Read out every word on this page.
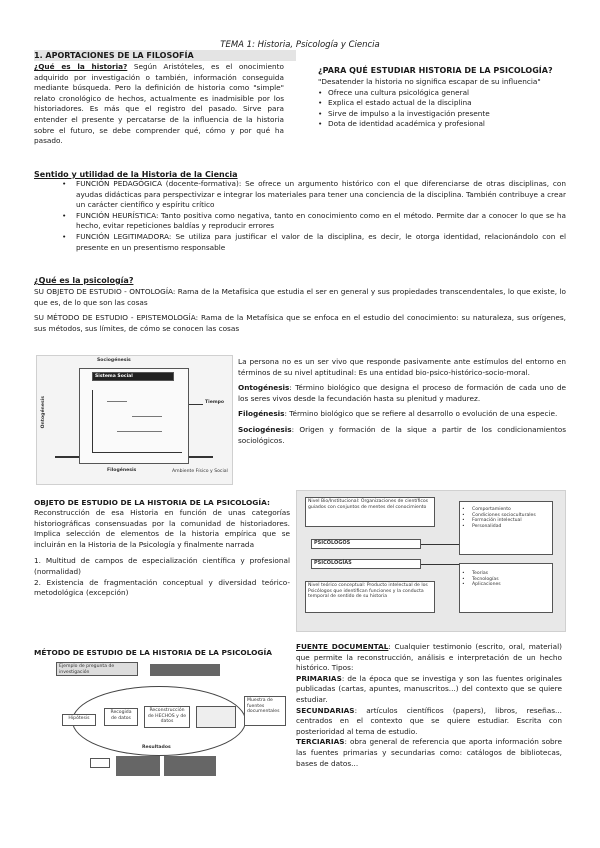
TEMA 1: Historia, Psicología y Ciencia
1. APORTACIONES DE LA FILOSOFÍA
¿Qué es la historia? Según Aristóteles, es el onocimiento adquirido por investigación o también, información conseguida mediante búsqueda. Pero la definición de historia como "simple" relato cronológico de hechos, actualmente es inadmisible por los historiadores. Es más que el registro del pasado. Sirve para entender el presente y percatarse de la influencia de la historia sobre el futuro, se debe comprender qué, cómo y por qué ha pasado.
¿PARA QUÉ ESTUDIAR HISTORIA DE LA PSICOLOGÍA?
"Desatender la historia no significa escapar de su influencia"
• Ofrece una cultura psicológica general
• Explica el estado actual de la disciplina
• Sirve de impulso a la investigación presente
• Dota de identidad académica y profesional
Sentido y utilidad de la Historia de la Ciencia
• FUNCIÓN PEDAGÓGICA (docente-formativa): Se ofrece un argumento histórico con el que diferenciarse de otras disciplinas, con ayudas didácticas para perspectivizar e integrar los materiales para tener una conciencia de la disciplina. También contribuye a crear un carácter científico y espíritu crítico
• FUNCIÓN HEURÍSTICA: Tanto positiva como negativa, tanto en conocimiento como en el método. Permite dar a conocer lo que se ha hecho, evitar repeticiones baldías y reproducir errores
• FUNCIÓN LEGITIMADORA: Se utiliza para justificar el valor de la disciplina, es decir, le otorga identidad, relacionándolo con el presente en un presentismo responsable
¿Qué es la psicología?
SU OBJETO DE ESTUDIO - ONTOLOGÍA: Rama de la Metafísica que estudia el ser en general y sus propiedades transcendentales, lo que existe, lo que es, de lo que son las cosas
SU MÉTODO DE ESTUDIO - EPISTEMOLOGÍA: Rama de la Metafísica que se enfoca en el estudio del conocimiento: su naturaleza, sus orígenes, sus métodos, sus límites, de cómo se conocen las cosas
Sociogénesis
Sistema Social
Ontogénesis	Tiempo
Filogénesis	Ambiente Físico y Social
La persona no es un ser vivo que responde pasivamente ante estímulos del entorno en términos de su nivel aptitudinal: Es una entidad bio-psico-histórico-socio-moral.
Ontogénesis: Término biológico que designa el proceso de formación de cada uno de los seres vivos desde la fecundación hasta su plenitud y madurez.
Filogénesis: Término biológico que se refiere al desarrollo o evolución de una especie.
Sociogénesis: Origen y formación de la sique a partir de los condicionamientos sociológicos.
OBJETO DE ESTUDIO DE LA HISTORIA DE LA PSICOLOGÍA:
Reconstrucción de esa Historia en función de unas categorías historiográficas consensuadas por la comunidad de historiadores. Implica selección de elementos de la historia empírica que se incluirán en la Historia de la Psicología y finalmente narrada
1. Multitud de campos de especialización científica y profesional (normalidad)
2. Existencia de fragmentación conceptual y diversidad teórico-metodológica (excepción)
Nivel Bio/Institucional: Organizaciones de científicos guiados con conjuntos de mentes del conocimiento
PSICÓLOGOS
PSICOLOGÍAS
Nivel teórico conceptual: Producto intelectual de los Psicólogos que identifican funciones y la conducta temporal de sentido de su historia
• Comportamiento
• Condiciones socioculturales
• Formación intelectual
• Personalidad
• Teorías
• Tecnologías
• Aplicaciones
MÉTODO DE ESTUDIO DE LA HISTORIA DE LA PSICOLOGÍA
Ejemplo de pregunta de investigación
Hipótesis
Recogida de datos
Reconstrucción de HECHOS y de datos
Resultados
Muestra de fuentes documentales
FUENTE DOCUMENTAL: Cualquier testimonio (escrito, oral, material) que permite la reconstrucción, análisis e interpretación de un hecho histórico. Tipos:
PRIMARIAS: de la época que se investiga y son las fuentes originales publicadas (cartas, apuntes, manuscritos...) del contexto que se quiere estudiar.
SECUNDARIAS: artículos científicos (papers), libros, reseñas... centrados en el contexto que se quiere estudiar. Escrita con posterioridad al tema de estudio.
TERCIARIAS: obra general de referencia que aporta información sobre las fuentes primarias y secundarias como: catálogos de bibliotecas, bases de datos...
